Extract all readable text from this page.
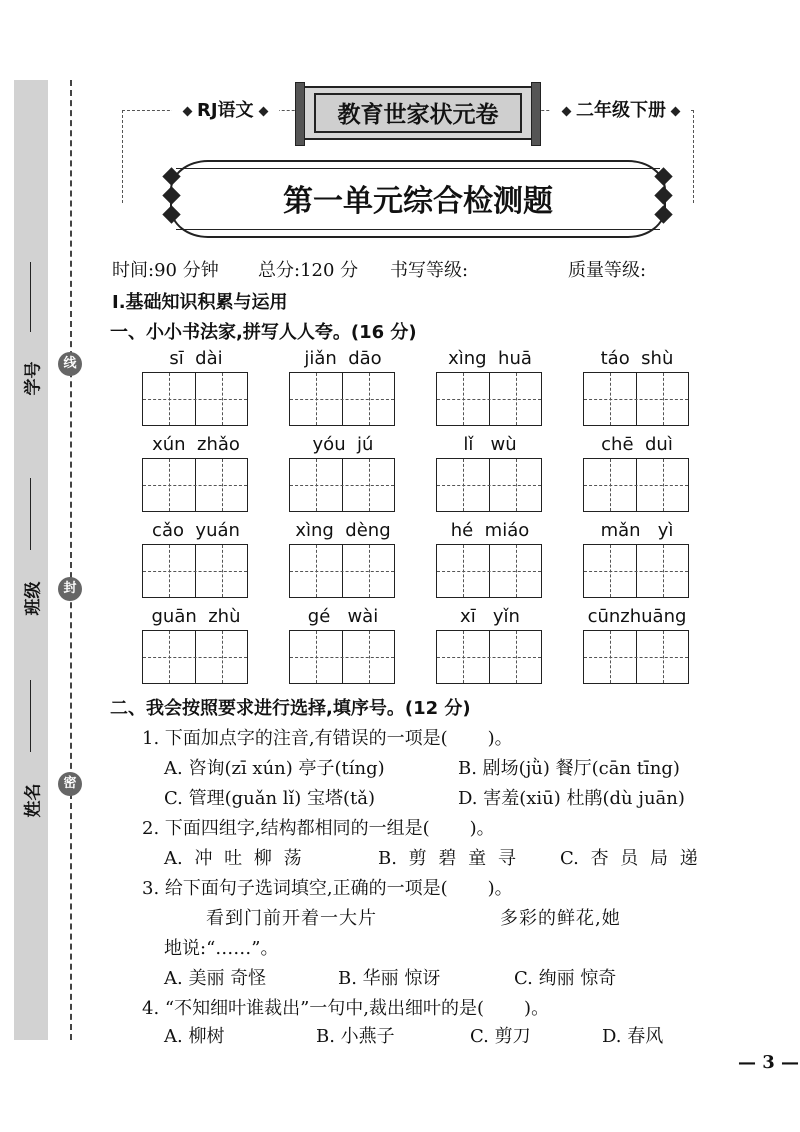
学号
班级
姓名
线
封
密
RJ语文	二年级下册
教育世家状元卷
第一单元综合检测题
时间:90 分钟 总分:120 分 书写等级:	质量等级:
Ⅰ.基础知识积累与运用
一、小小书法家,拼写人人夸。(16 分)
sī  dài	jiǎn  dāo	xìng  huā	táo  shù
xún  zhǎo	yóu  jú	lǐ   wù	chē  duì
cǎo  yuán	xìng  dèng	hé  miáo	mǎn   yì
guān  zhù	gé   wài	xī   yǐn	cūnzhuāng
二、我会按照要求进行选择,填序号。(12 分)
1. 下面加点字的注音,有错误的一项是( )。
A. 咨询(zī xún) 亭子(tíng)	B. 剧场(jǜ) 餐厅(cān tīng)
C. 管理(guǎn lǐ) 宝塔(tǎ)	D. 害羞(xiū) 杜鹃(dù juān)
2. 下面四组字,结构都相同的一组是( )。
A. 冲 吐 柳 荡	B. 剪 碧 童 寻 C. 杏 员 局 递
3. 给下面句子选词填空,正确的一项是( )。
看到门前开着一大片	多彩的鲜花,她
地说:“……”。
A. 美丽 奇怪	B. 华丽 惊讶	C. 绚丽 惊奇
4. “不知细叶谁裁出”一句中,裁出细叶的是( )。
A. 柳树	B. 小燕子	C. 剪刀	D. 春风
— 3 —
